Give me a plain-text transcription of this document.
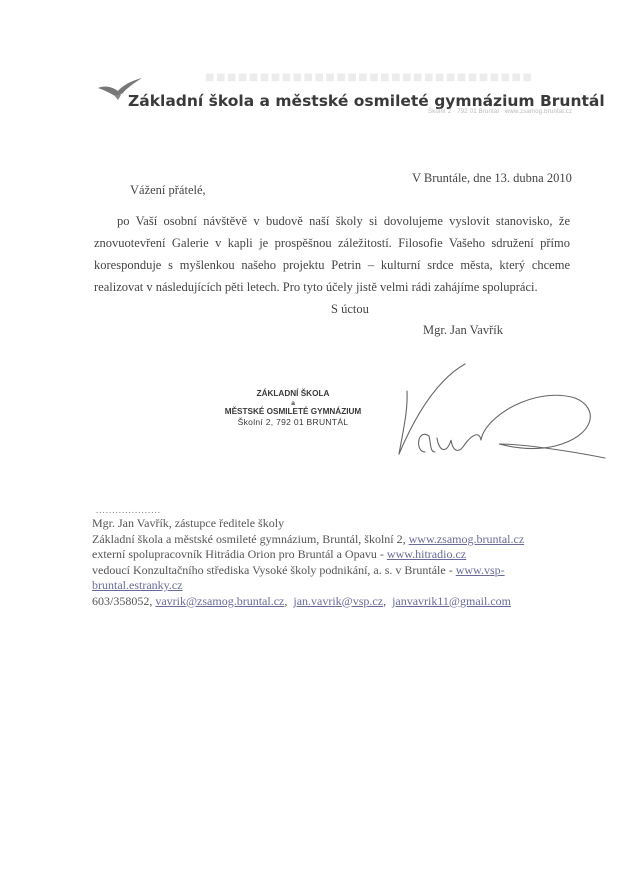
■■■■■■■■■■■■■■■■■■■■■■■■■■■■■■
Základní škola a městské osmileté gymnázium Bruntál
Školní 2 · 792 01 Bruntál · www.zsamog.bruntal.cz
V Bruntále, dne 13. dubna 2010
Vážení přátelé,

po Vaší osobní návštěvě v budově naší školy si dovolujeme vyslovit stanovisko, že znovuotevření Galerie v kapli je prospěšnou záležitostí. Filosofie Vašeho sdružení přímo koresponduje s myšlenkou našeho projektu Petrin – kulturní srdce města, který chceme realizovat v následujících pěti letech. Pro tyto účely jistě velmi rádi zahájíme spolupráci.

S úctou
Mgr. Jan Vavřík
ZÁKLADNÍ ŠKOLA
a
MĚSTSKÉ OSMILETÉ GYMNÁZIUM
Školní 2, 792 01 BRUNTÁL
....................
Mgr. Jan Vavřík, zástupce ředitele školy
Základní škola a městské osmileté gymnázium, Bruntál, školní 2, www.zsamog.bruntal.cz
externí spolupracovník Hitrádia Orion pro Bruntál a Opavu - www.hitradio.cz
vedoucí Konzultačního střediska Vysoké školy podnikání, a. s. v Bruntále - www.vsp-bruntal.estranky.cz
603/358052, vavrik@zsamog.bruntal.cz,  jan.vavrik@vsp.cz,  janvavrik11@gmail.com
